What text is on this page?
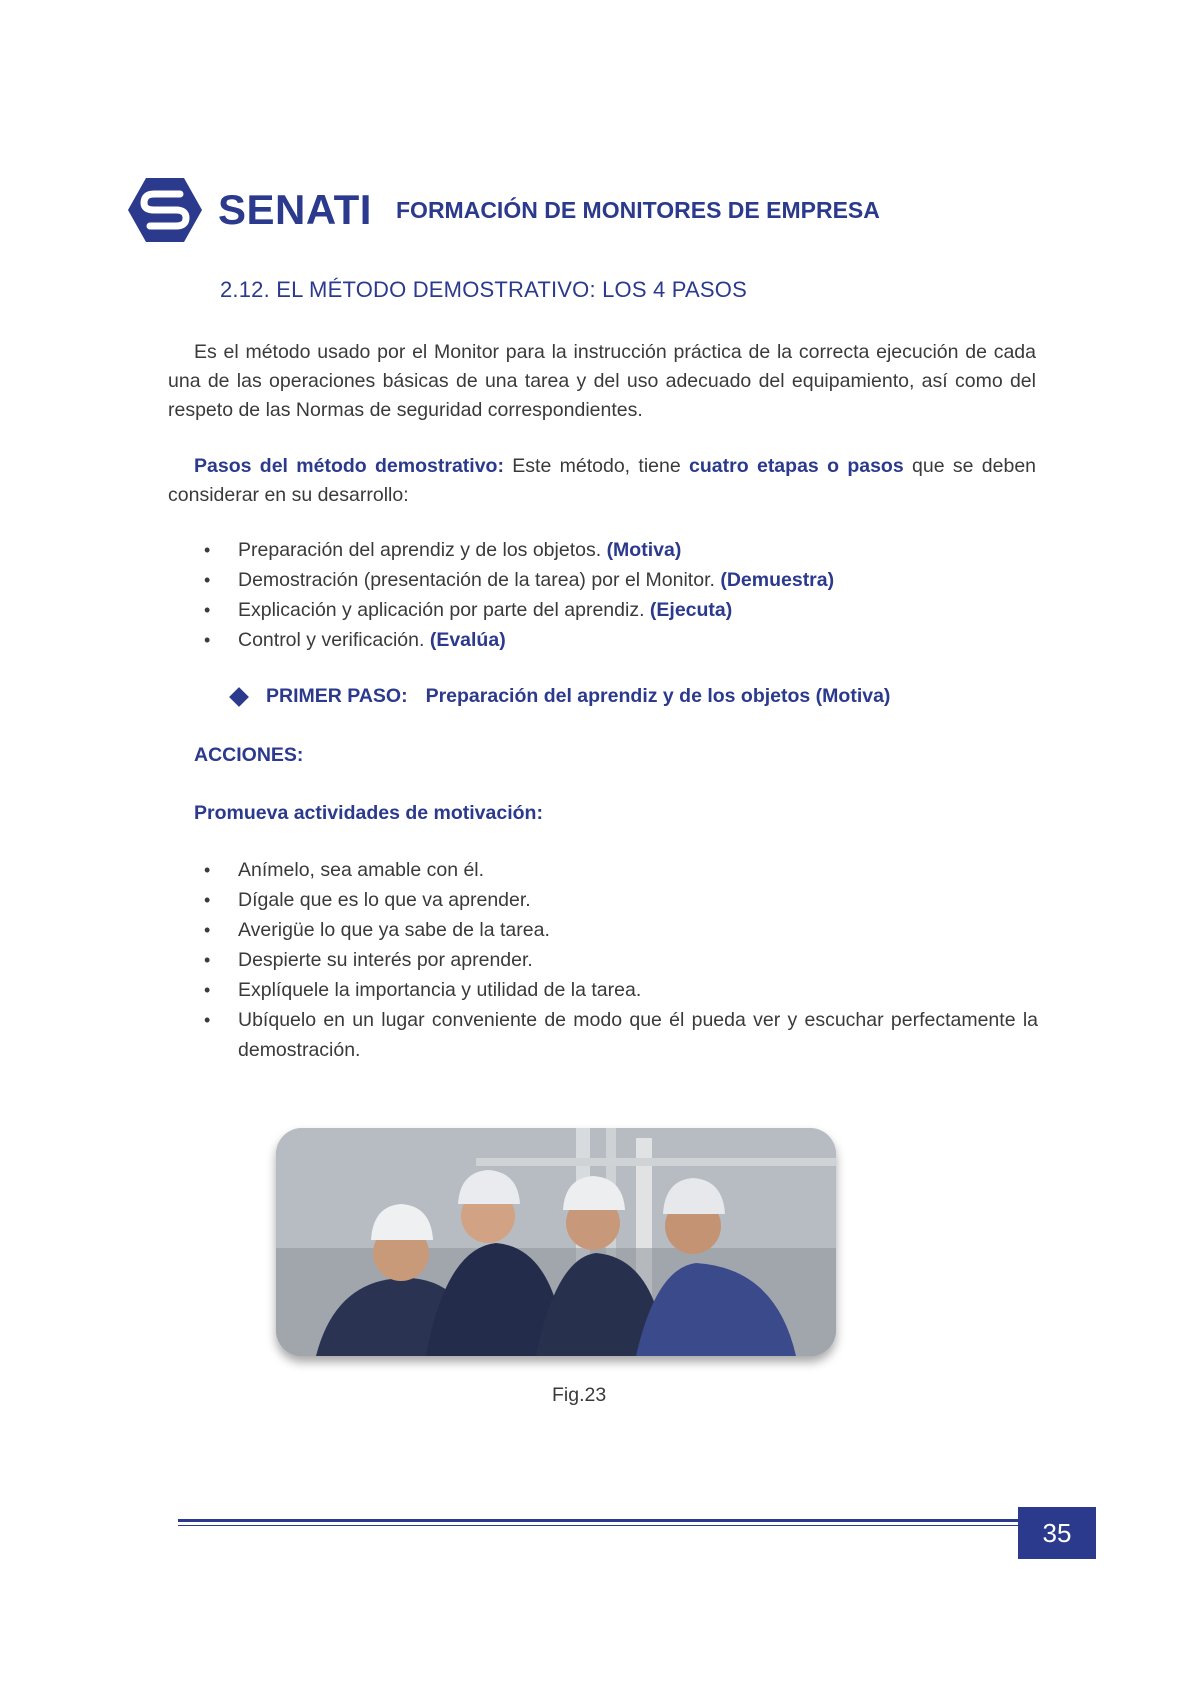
SENATI FORMACIÓN DE MONITORES DE EMPRESA
2.12. EL MÉTODO DEMOSTRATIVO: LOS 4 PASOS
Es el método usado por el Monitor para la instrucción práctica de la correcta ejecución de cada una de las operaciones básicas de una tarea y del uso adecuado del equipamiento, así como del respeto de las Normas de seguridad correspondientes.
Pasos del método demostrativo: Este método, tiene cuatro etapas o pasos que se deben considerar en su desarrollo:
• Preparación del aprendiz y de los objetos. (Motiva)
• Demostración (presentación de la tarea) por el Monitor. (Demuestra)
• Explicación y aplicación por parte del aprendiz. (Ejecuta)
• Control y verificación. (Evalúa)
PRIMER PASO: Preparación del aprendiz y de los objetos (Motiva)
ACCIONES:
Promueva actividades de motivación:
• Anímelo, sea amable con él.
• Dígale que es lo que va aprender.
• Averigüe lo que ya sabe de la tarea.
• Despierte su interés por aprender.
• Explíquele la importancia y utilidad de la tarea.
• Ubíquelo en un lugar conveniente de modo que él pueda ver y escuchar perfectamente la demostración.
Fig.23
35
